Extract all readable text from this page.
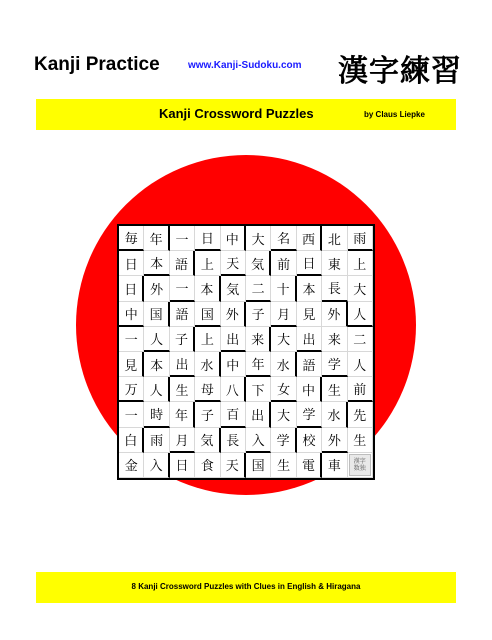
Kanji Practice	www.Kanji-Sudoku.com 漢字練習
Kanji Crossword Puzzles	by Claus Liepke
毎 年 一 日 中 大 名 西 北 雨
日 本 語 上 天 気 前 日 東 上
日 外 一 本 気 二 十 本 長 大
中 国 語 国 外 子 月 見 外 人
一 人 子 上 出 来 大 出 来 二
見 本 出 水 中 年 水 語 学 人
万 人 生 母 八 下 女 中 生 前
一 時 年 子 百 出 大 学 水 先
白 雨 月 気 長 入 学 校 外 生
金 入 日 食 天 国 生 電 車 漢字
数独
8 Kanji Crossword Puzzles with Clues in English & Hiragana
